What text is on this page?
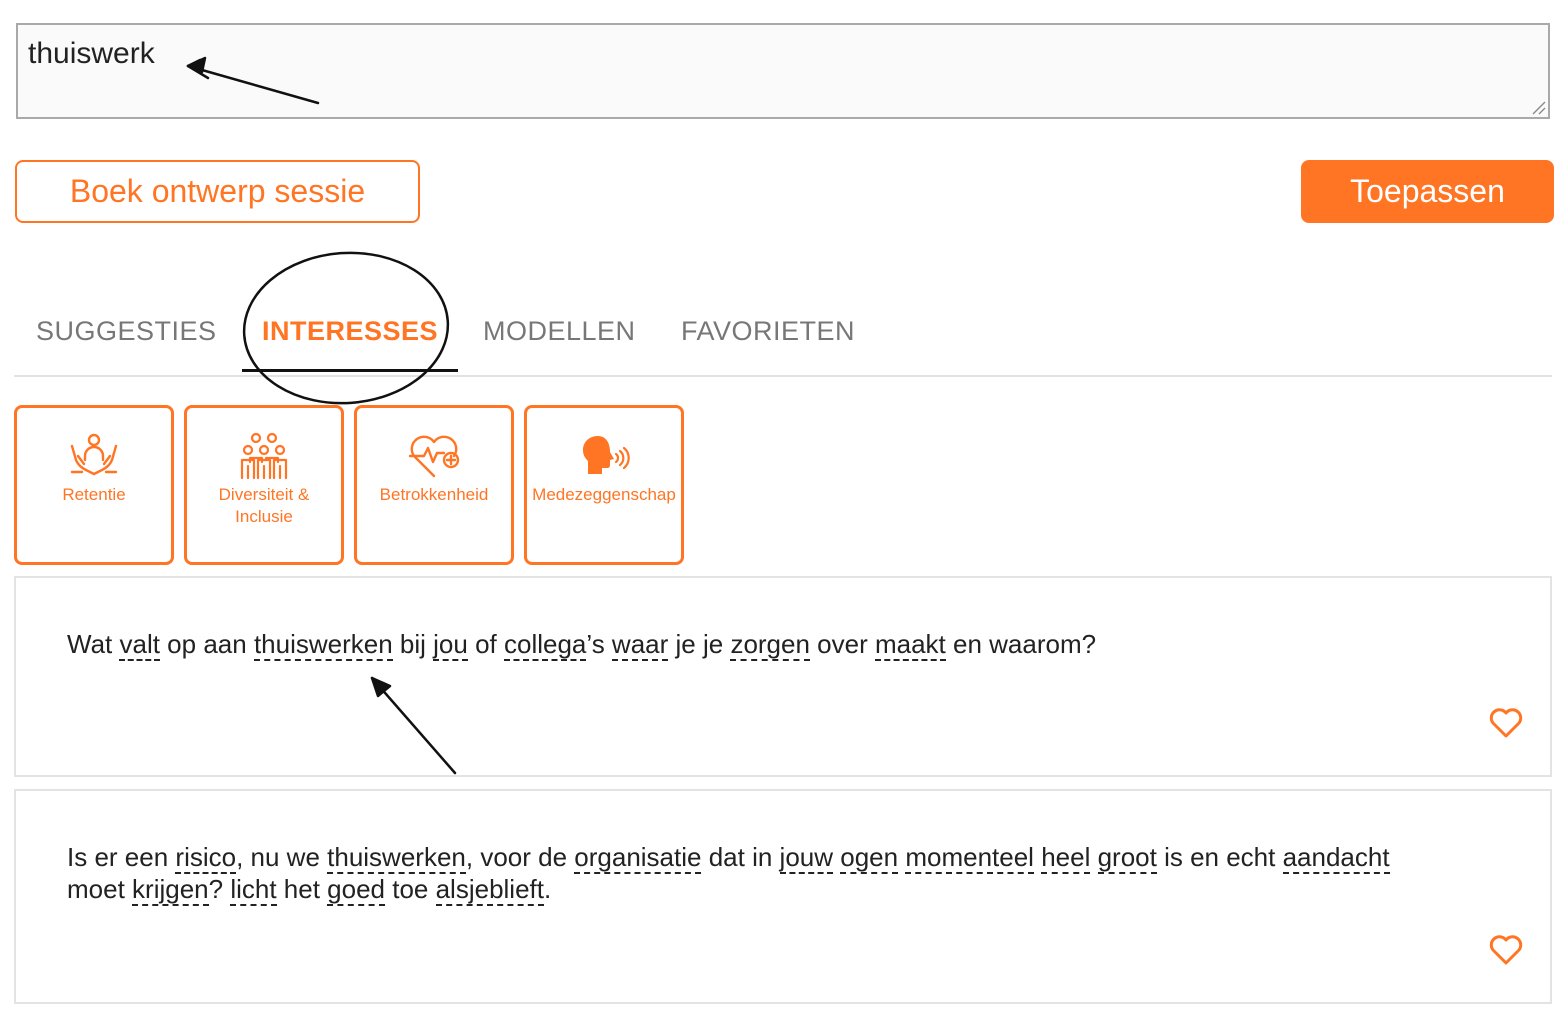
thuiswerk
Boek ontwerp sessie	Toepassen
SUGGESTIES INTERESSES MODELLEN FAVORIETEN
Retentie	Diversiteit & Inclusie
Betrokkenheid	Medezeggenschap
Wat valt op aan thuiswerken bij jou of collega’s waar je je zorgen over maakt en waarom?
Is er een risico, nu we thuiswerken, voor de organisatie dat in jouw ogen momenteel heel groot is en echt aandacht moet krijgen? licht het goed toe alsjeblieft.
